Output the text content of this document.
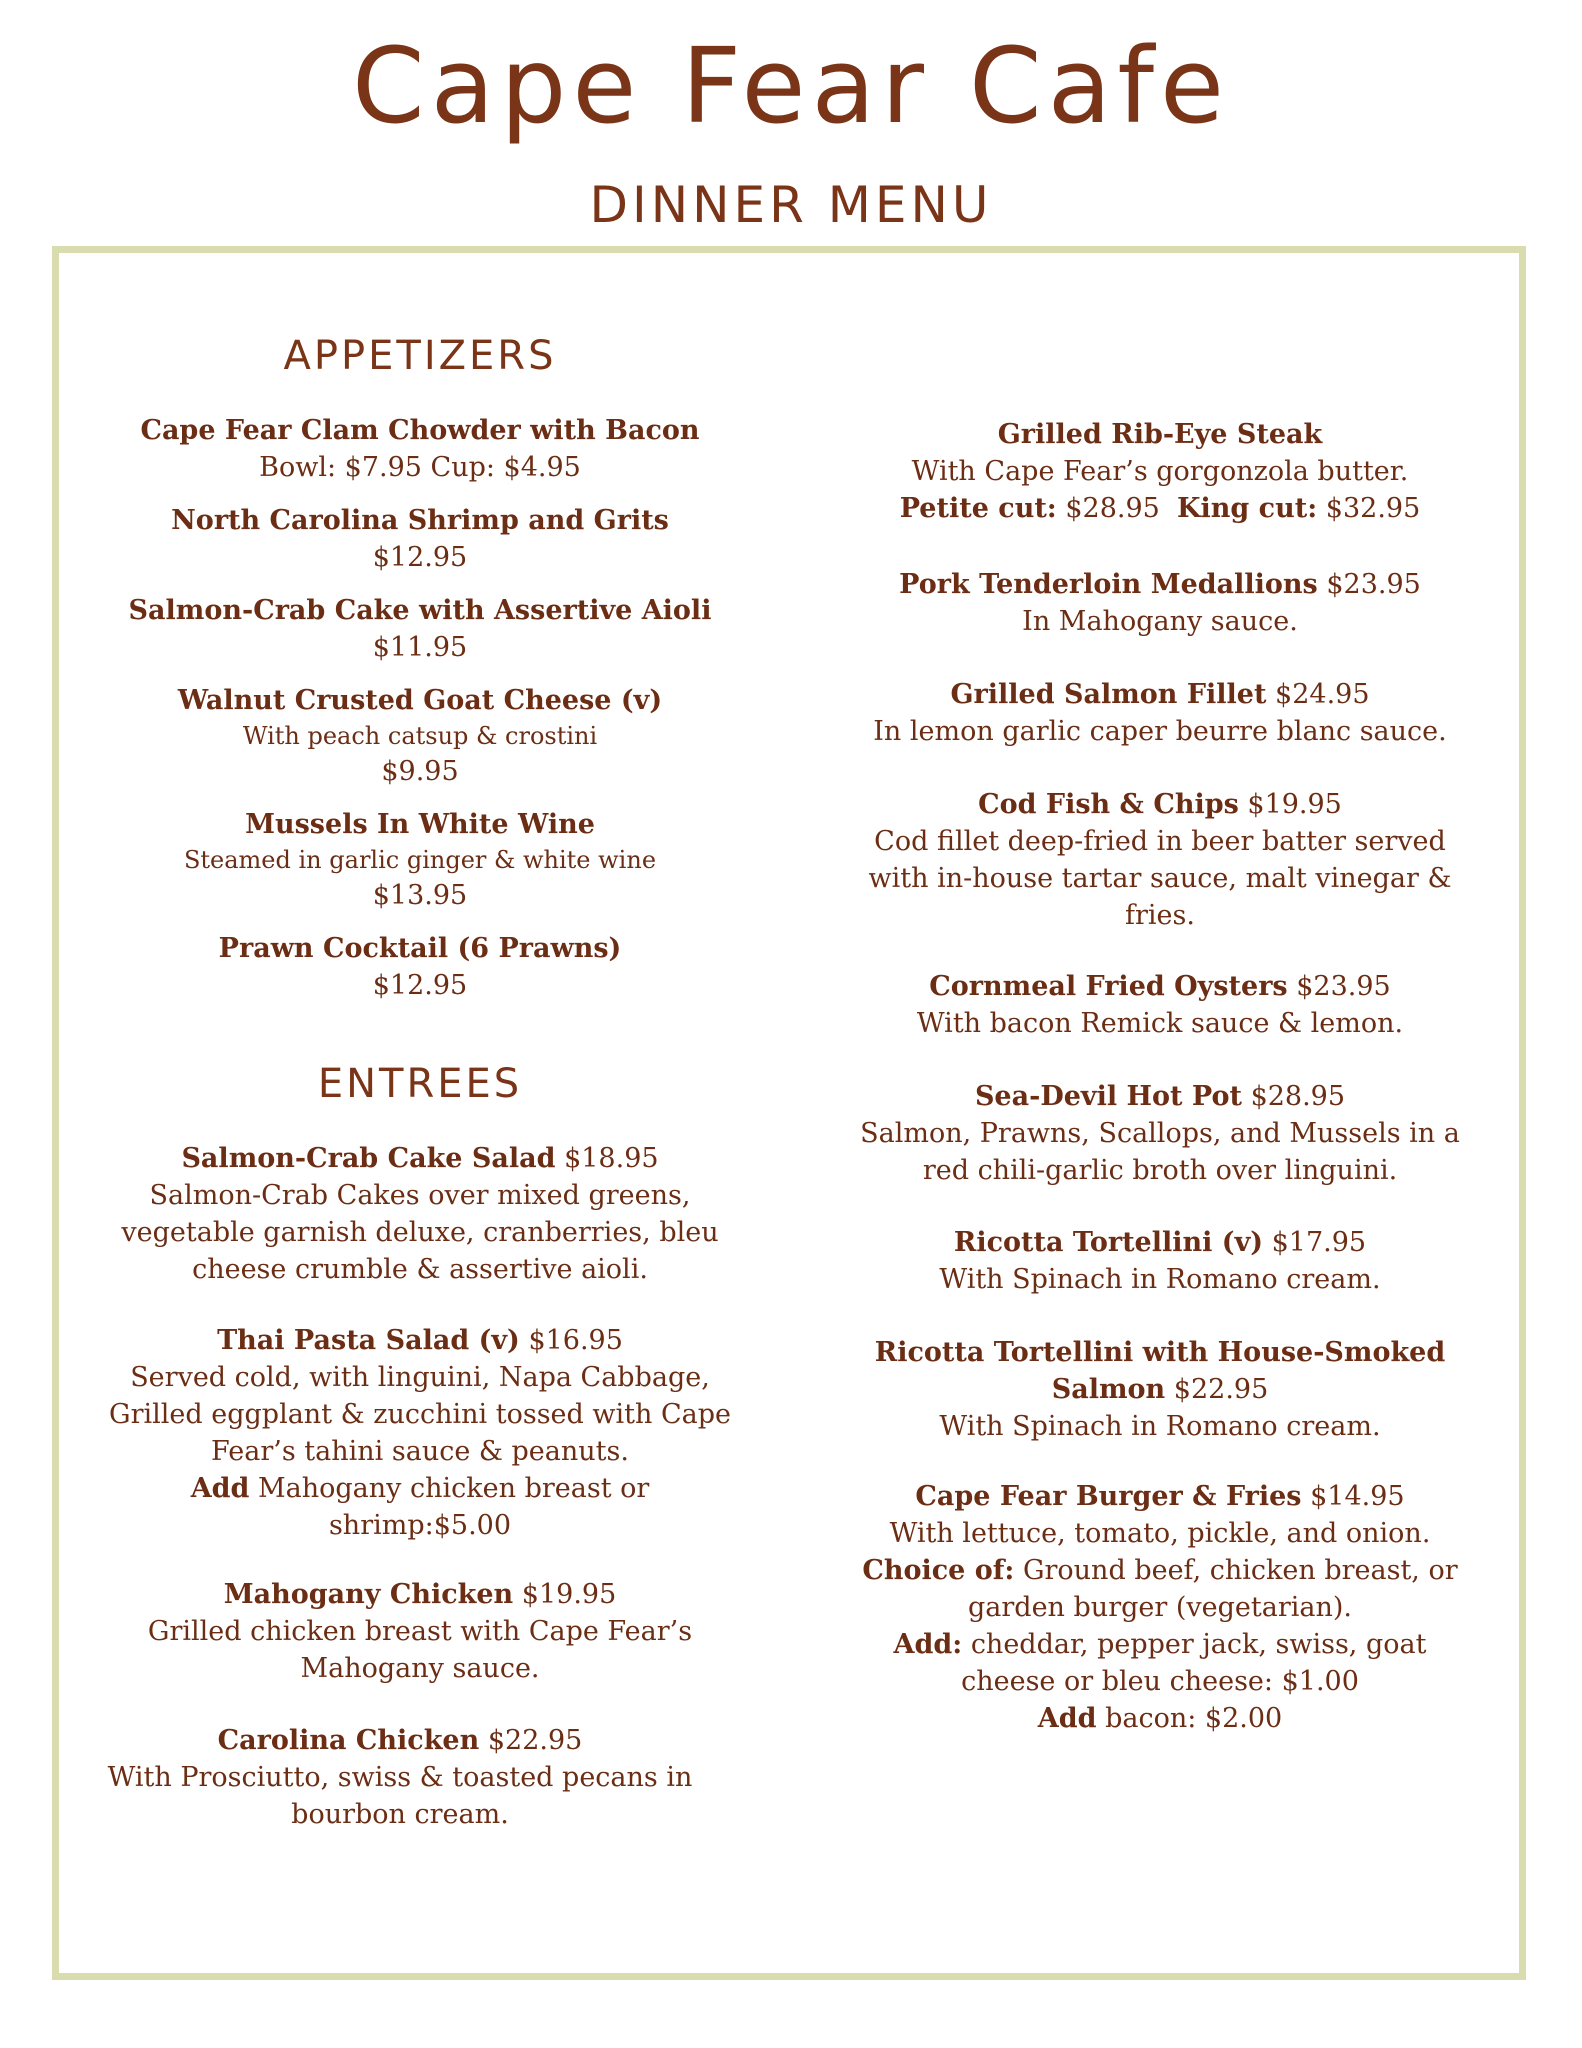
Cape Fear Cafe
DINNER MENU
APPETIZERS
Cape Fear Clam Chowder with Bacon
Bowl: $7.95 Cup: $4.95
North Carolina Shrimp and Grits
$12.95
Salmon-Crab Cake with Assertive Aioli
$11.95
Walnut Crusted Goat Cheese (v)
With peach catsup & crostini
$9.95
Mussels In White Wine
Steamed in garlic ginger & white wine
$13.95
Prawn Cocktail (6 Prawns)
$12.95
ENTREES
Salmon-Crab Cake Salad $18.95
Salmon-Crab Cakes over mixed greens,
vegetable garnish deluxe, cranberries, bleu
cheese crumble & assertive aioli.
Thai Pasta Salad (v) $16.95
Served cold, with linguini, Napa Cabbage,
Grilled eggplant & zucchini tossed with Cape
Fear’s tahini sauce & peanuts.
Add Mahogany chicken breast or
shrimp:$5.00
Mahogany Chicken $19.95
Grilled chicken breast with Cape Fear’s
Mahogany sauce.
Carolina Chicken $22.95
With Prosciutto, swiss & toasted pecans in
bourbon cream.
Grilled Rib-Eye Steak
With Cape Fear’s gorgonzola butter.
Petite cut: $28.95 King cut: $32.95
Pork Tenderloin Medallions $23.95
In Mahogany sauce.
Grilled Salmon Fillet $24.95
In lemon garlic caper beurre blanc sauce.
Cod Fish & Chips $19.95
Cod fillet deep-fried in beer batter served
with in-house tartar sauce, malt vinegar &
fries.
Cornmeal Fried Oysters $23.95
With bacon Remick sauce & lemon.
Sea-Devil Hot Pot $28.95
Salmon, Prawns, Scallops, and Mussels in a
red chili-garlic broth over linguini.
Ricotta Tortellini (v) $17.95
With Spinach in Romano cream.
Ricotta Tortellini with House-Smoked
Salmon $22.95
With Spinach in Romano cream.
Cape Fear Burger & Fries $14.95
With lettuce, tomato, pickle, and onion.
Choice of: Ground beef, chicken breast, or
garden burger (vegetarian).
Add: cheddar, pepper jack, swiss, goat
cheese or bleu cheese: $1.00
Add bacon: $2.00
